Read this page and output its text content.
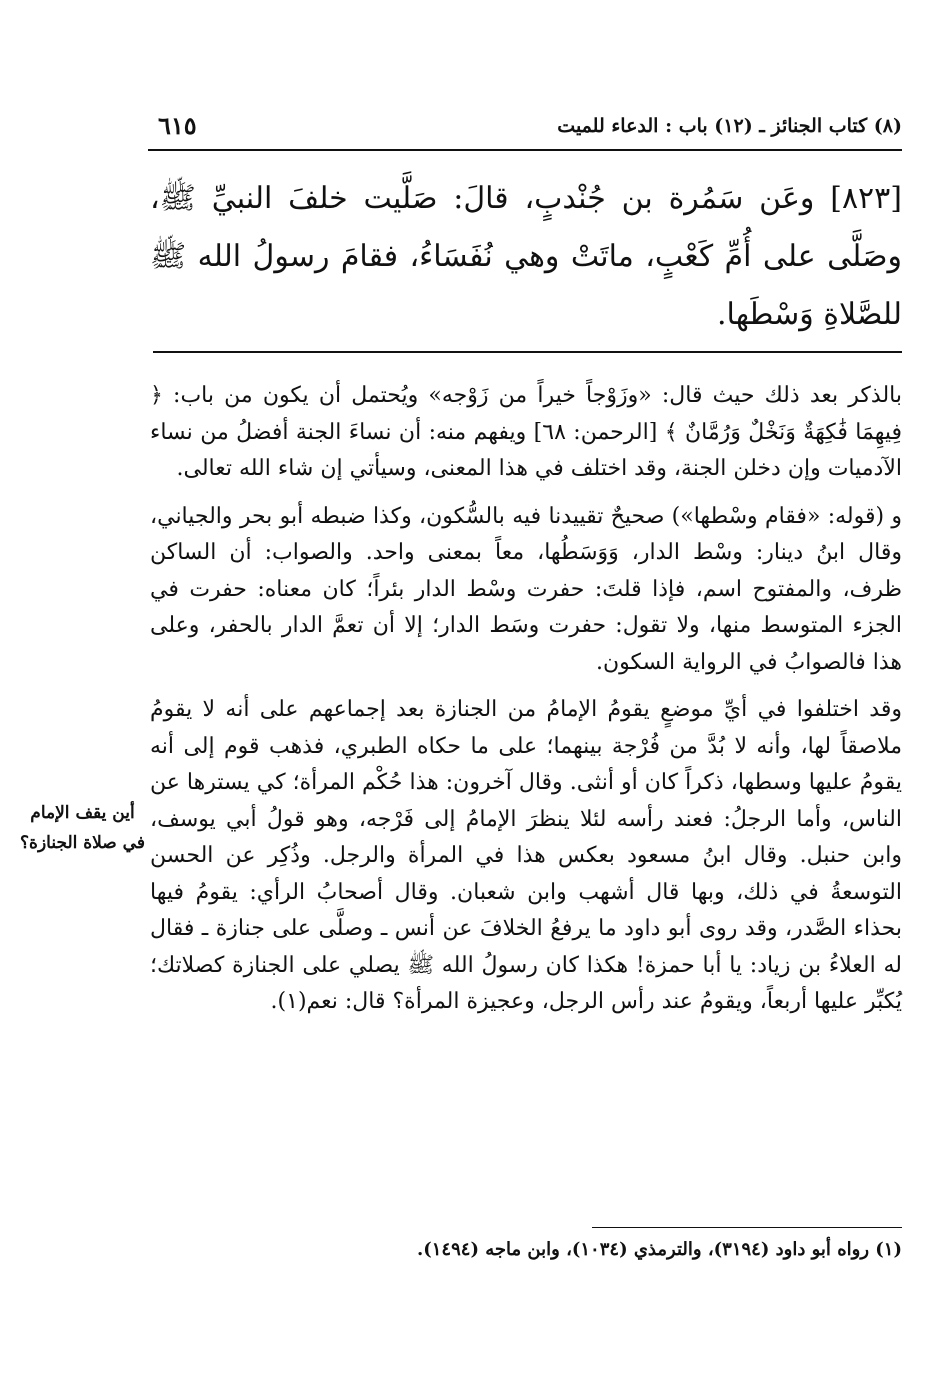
٦١٥	(٨) كتاب الجنائز ـ (١٢) باب : الدعاء للميت

[٨٢٣] وعَن سَمُرة بن جُنْدبٍ، قالَ: صَلَّيت خلفَ النبيِّ ﷺ، وصَلَّى على أُمِّ كَعْبٍ، ماتَتْ وهي نُفَسَاءُ، فقامَ رسولُ الله ﷺ للصَّلاةِ وَسْطَها.

بالذكر بعد ذلك حيث قال: «وزَوْجاً خيراً من زَوْجه» ويُحتمل أن يكون من باب: ﴿ فِيهِمَا فَٰكِهَةٌ وَنَخْلٌ وَرُمَّانٌ ﴾ [الرحمن: ٦٨] ويفهم منه: أن نساءَ الجنة أفضلُ من نساء الآدميات وإن دخلن الجنة، وقد اختلف في هذا المعنى، وسيأتي إن شاء الله تعالى.

و (قوله: «فقام وسْطها») صحيحٌ تقييدنا فيه بالسُّكون، وكذا ضبطه أبو بحر والجياني، وقال ابنُ دينار: وسْط الدار، وَوَسَطُها، معاً بمعنى واحد. والصواب: أن الساكن ظرف، والمفتوح اسم، فإذا قلتَ: حفرت وسْط الدار بئراً؛ كان معناه: حفرت في الجزء المتوسط منها، ولا تقول: حفرت وسَط الدار؛ إلا أن تعمَّ الدار بالحفر، وعلى هذا فالصوابُ في الرواية السكون.

وقد اختلفوا في أيِّ موضعٍ يقومُ الإمامُ من الجنازة بعد إجماعهم على أنه لا يقومُ ملاصقاً لها، وأنه لا بُدَّ من فُرْجة بينهما؛ على ما حكاه الطبري، فذهب قوم إلى أنه يقومُ عليها وسطها، ذكراً كان أو أنثى. وقال آخرون: هذا حُكْم المرأة؛ كي يسترها عن الناس، وأما الرجلُ: فعند رأسه لئلا ينظرَ الإمامُ إلى فَرْجه، وهو قولُ أبي يوسف، وابن حنبل. وقال ابنُ مسعود بعكس هذا في المرأة والرجل. وذُكِر عن الحسن التوسعةُ في ذلك، وبها قال أشهب وابن شعبان. وقال أصحابُ الرأي: يقومُ فيها بحذاء الصَّدر، وقد روى أبو داود ما يرفعُ الخلافَ عن أنس ـ وصلَّى على جنازة ـ فقال له العلاءُ بن زياد: يا أبا حمزة! هكذا كان رسولُ الله ﷺ يصلي على الجنازة كصلاتك؛ يُكبِّر عليها أربعاً، ويقومُ عند رأس الرجل، وعجيزة المرأة؟ قال: نعم(١).

أين يقف الإمام في صلاة الجنازة؟

(١) رواه أبو داود (٣١٩٤)، والترمذي (١٠٣٤)، وابن ماجه (١٤٩٤).
